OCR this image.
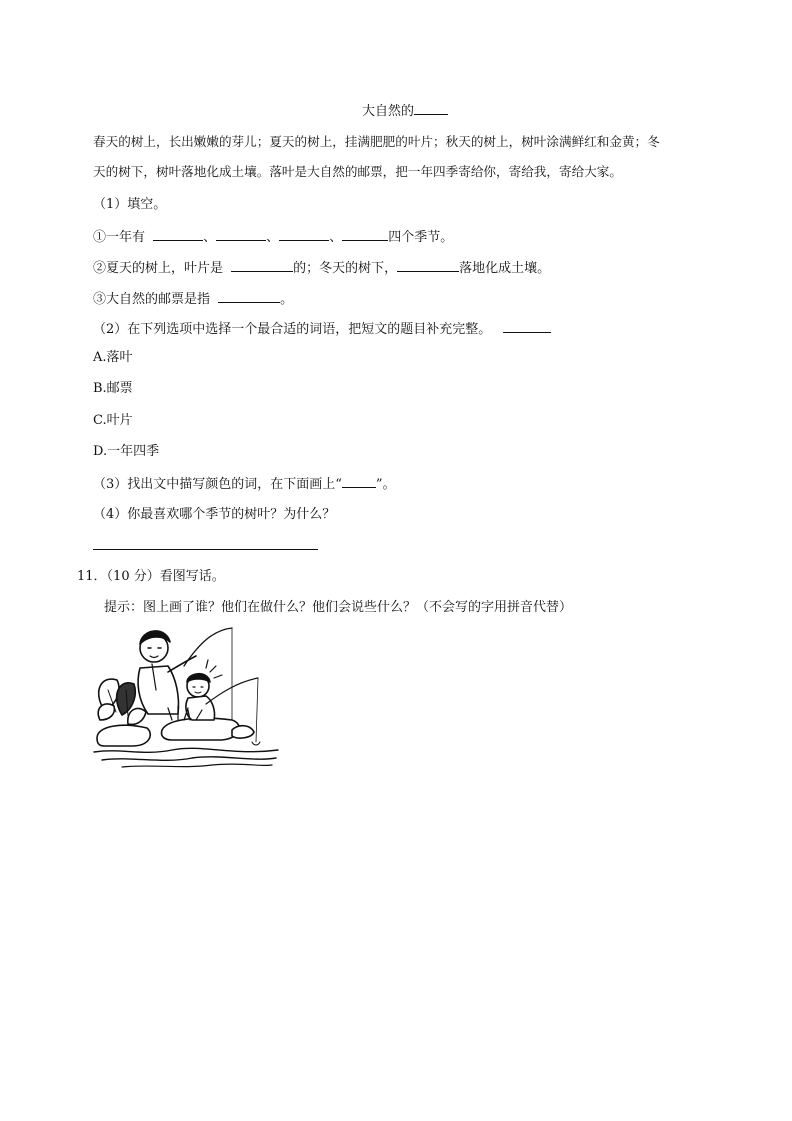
大自然的
春天的树上，长出嫩嫩的芽儿；夏天的树上，挂满肥肥的叶片；秋天的树上，树叶涂满鲜红和金黄；冬
天的树下，树叶落地化成土壤。落叶是大自然的邮票，把一年四季寄给你，寄给我，寄给大家。
（1）填空。
①一年有	、	、	、	四个季节。
②夏天的树上，叶片是	的；冬天的树下，	落地化成土壤。
③大自然的邮票是指	。
（2）在下列选项中选择一个最合适的词语，把短文的题目补充完整。
A.落叶
B.邮票
C.叶片
D.一年四季
（3）找出文中描写颜色的词，在下面画上“	”。
（4）你最喜欢哪个季节的树叶？为什么？
11．（10 分）看图写话。
提示：图上画了谁？他们在做什么？他们会说些什么？（不会写的字用拼音代替）
